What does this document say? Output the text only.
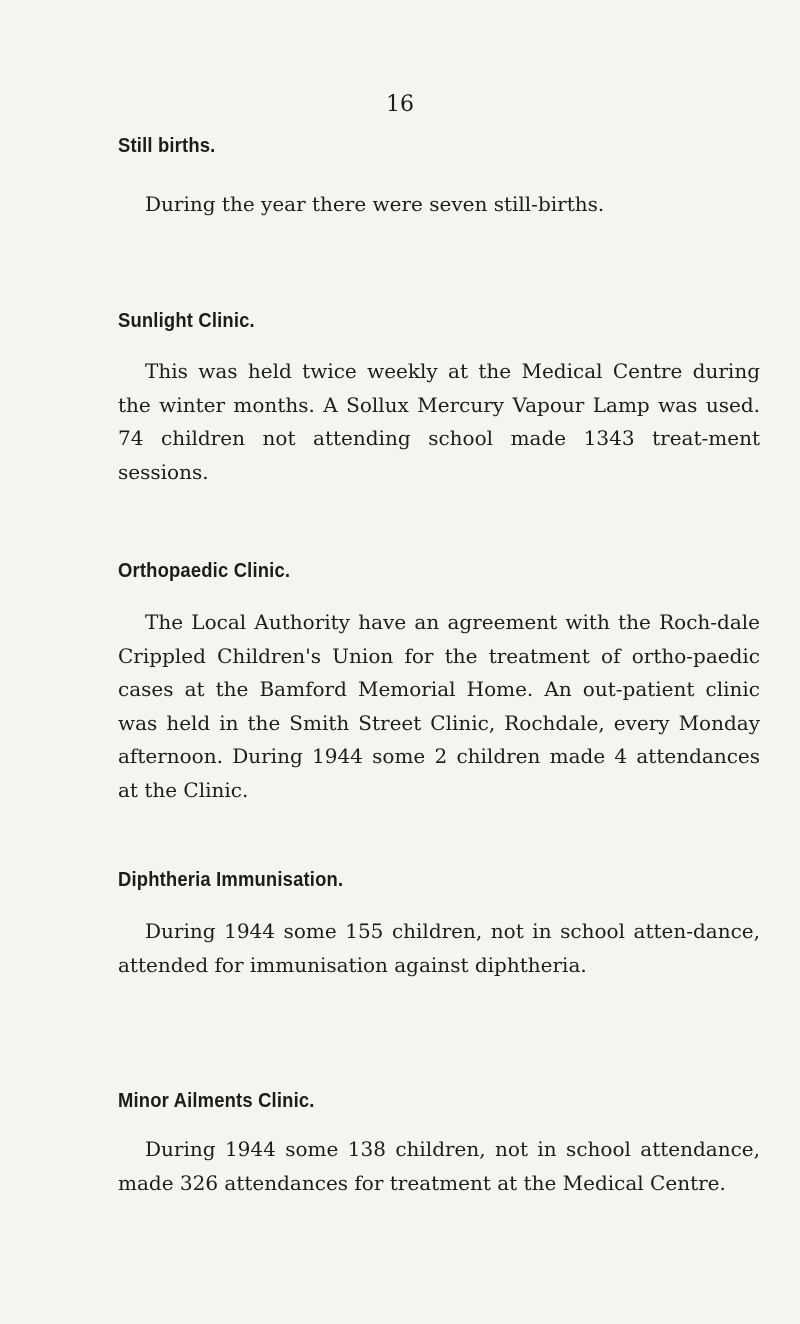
16
Still births.

During the year there were seven still-births.

Sunlight Clinic.

This was held twice weekly at the Medical Centre during the winter months. A Sollux Mercury Vapour Lamp was used. 74 children not attending school made 1343 treat-ment sessions.

Orthopaedic Clinic.

The Local Authority have an agreement with the Roch-dale Crippled Children's Union for the treatment of ortho-paedic cases at the Bamford Memorial Home. An out-patient clinic was held in the Smith Street Clinic, Rochdale, every Monday afternoon. During 1944 some 2 children made 4 attendances at the Clinic.

Diphtheria Immunisation.

During 1944 some 155 children, not in school atten-dance, attended for immunisation against diphtheria.

Minor Ailments Clinic.

During 1944 some 138 children, not in school attendance, made 326 attendances for treatment at the Medical Centre.
